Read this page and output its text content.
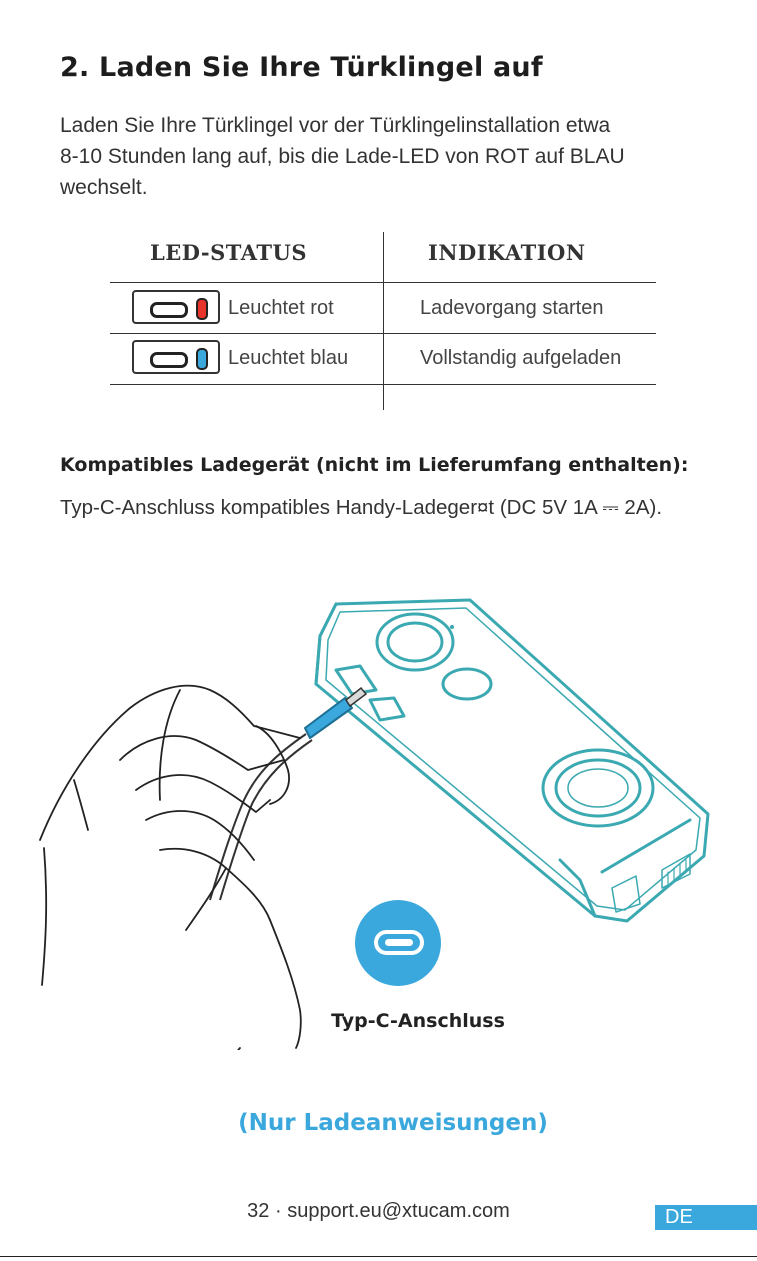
2. Laden Sie Ihre Türklingel auf

Laden Sie Ihre Türklingel vor der Türklingelinstallation etwa
8-10 Stunden lang auf, bis die Lade-LED von ROT auf BLAU
wechselt.

LED-STATUS	INDIKATION
Leuchtet rot	Ladevorgang starten
Leuchtet blau	Vollstandig aufgeladen
Kompatibles Ladegerät (nicht im Lieferumfang enthalten):

Typ-C-Anschluss kompatibles Handy-Ladeger¤t (DC 5V 1A ⎓ 2A).

Typ-C-Anschluss

(Nur Ladeanweisungen)

32 · support.eu@xtucam.com	DE
